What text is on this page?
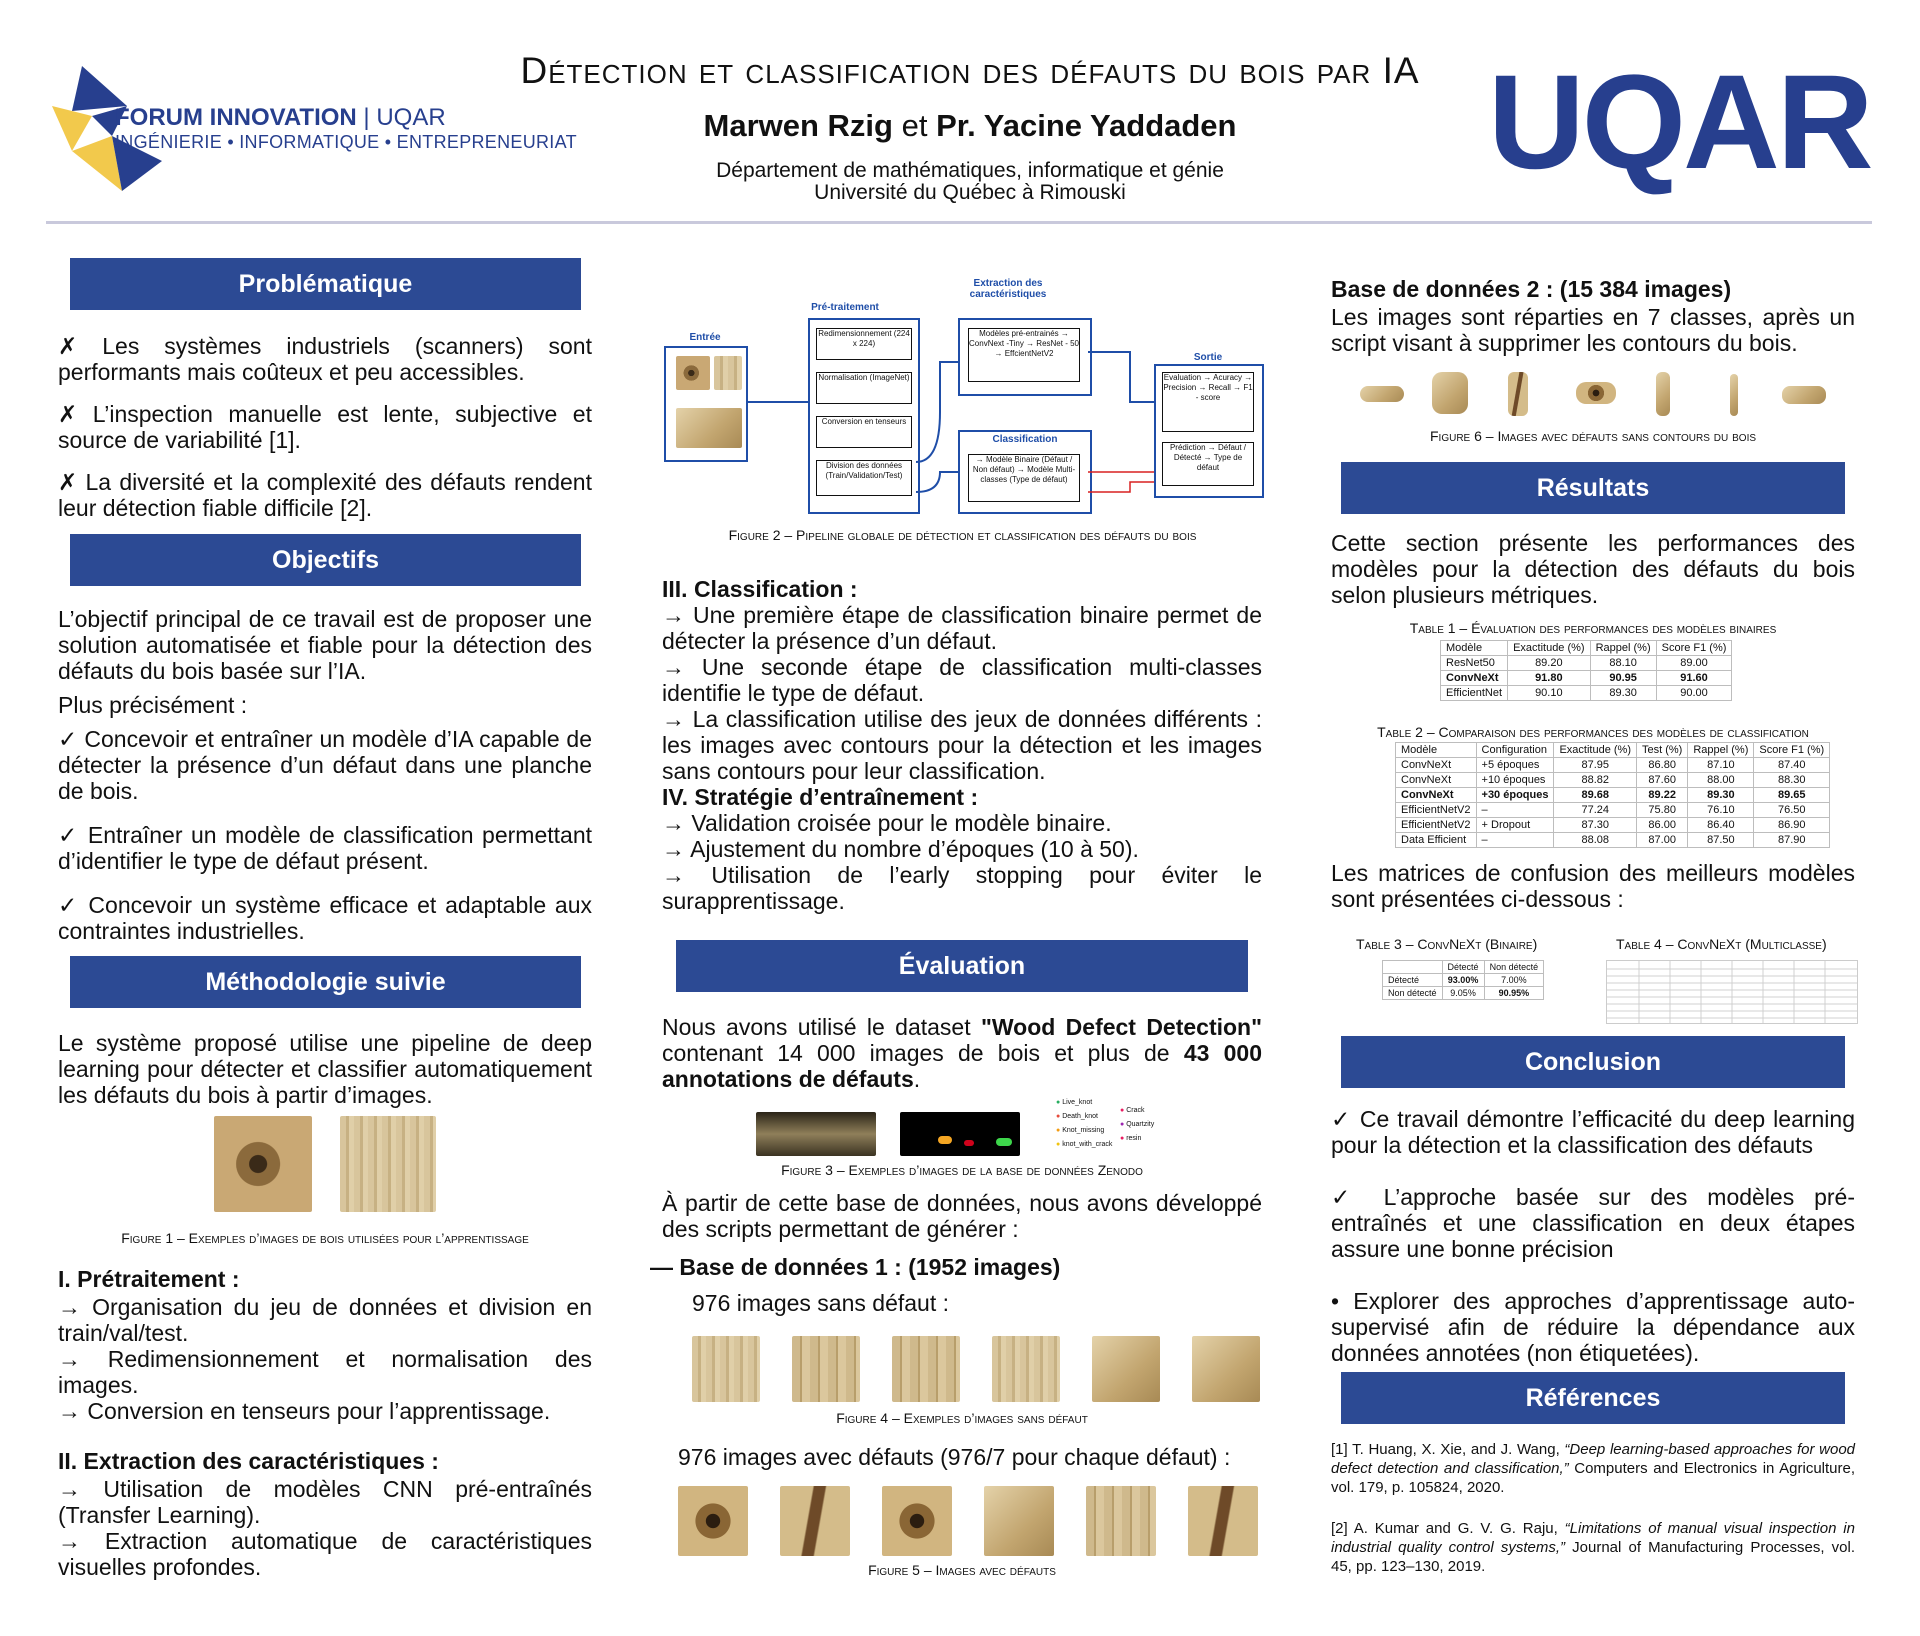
FORUM INNOVATION | UQAR
INGÉNIERIE • INFORMATIQUE • ENTREPRENEURIAT
Détection et classification des défauts du bois par IA
Marwen Rzig et Pr. Yacine Yaddaden
Département de mathématiques, informatique et génie
Université du Québec à Rimouski	UQAR
Problématique

✗ Les systèmes industriels (scanners) sont performants mais coûteux et peu accessibles.

✗ L’inspection manuelle est lente, subjective et source de variabilité [1].

✗ La diversité et la complexité des défauts rendent leur détection fiable difficile [2].

Objectifs

L’objectif principal de ce travail est de proposer une solution automatisée et fiable pour la détection des défauts du bois basée sur l’IA.

Plus précisément :

✓ Concevoir et entraîner un modèle d’IA capable de détecter la présence d’un défaut dans une planche de bois.

✓ Entraîner un modèle de classification permettant d’identifier le type de défaut présent.

✓ Concevoir un système efficace et adaptable aux contraintes industrielles.

Méthodologie suivie
Le système proposé utilise une pipeline de deep learning pour détecter et classifier automatiquement les défauts du bois à partir d’images.
Figure 1 – Exemples d’images de bois utilisées pour l’apprentissage
I. Prétraitement :

→ Organisation du jeu de données et division en train/val/test.

→ Redimensionnement et normalisation des images.

→ Conversion en tenseurs pour l’apprentissage.

II. Extraction des caractéristiques :

→ Utilisation de modèles CNN pré-entraînés (Transfer Learning).

→ Extraction automatique de caractéristiques visuelles profondes.

Entrée
Pré-traitement
Redimensionnement (224 x 224)
Normalisation (ImageNet)
Conversion en tenseurs
Division des données (Train/Validation/Test)
Extraction des caractéristiques
Modèles pré-entrainés → ConvNext -Tiny → ResNet - 50 → EffcientNetV2
Classification
→ Modèle Binaire (Défaut / Non défaut) → Modèle Multi-classes (Type de défaut)
Sortie
Evaluation → Acuracy → Precision → Recall → F1 - score
Prédiction → Défaut / Détecté → Type de défaut
Figure 2 – Pipeline globale de détection et classification des défauts du bois
III. Classification :

→ Une première étape de classification binaire permet de détecter la présence d’un défaut.

→ Une seconde étape de classification multi-classes identifie le type de défaut.

→ La classification utilise des jeux de données différents : les images avec contours pour la détection et les images sans contours pour leur classification.

IV. Stratégie d’entraînement :

→ Validation croisée pour le modèle binaire.

→ Ajustement du nombre d’époques (10 à 50).

→ Utilisation de l’early stopping pour éviter le surapprentissage.

Évaluation
Nous avons utilisé le dataset "Wood Defect Detection" contenant 14 000 images de bois et plus de 43 000 annotations de défauts.
● Live_knot
● Death_knot
● Knot_missing
● knot_with_crack
● Crack
● Quartzity
● resin
Figure 3 – Exemples d’images de la base de données Zenodo
À partir de cette base de données, nous avons développé des scripts permettant de générer :
— Base de données 1 : (1952 images)
976 images sans défaut :
Figure 4 – Exemples d’images sans défaut
976 images avec défauts (976/7 pour chaque défaut) :
Figure 5 – Images avec défauts
Base de données 2 : (15 384 images)
Les images sont réparties en 7 classes, après un script visant à supprimer les contours du bois.
Figure 6 – Images avec défauts sans contours du bois
Résultats
Cette section présente les performances des modèles pour la détection des défauts du bois selon plusieurs métriques.
Table 1 – Évaluation des performances des modèles binaires
Modèle	Exactitude (%)	Rappel (%)	Score F1 (%)
ResNet50	89.20	88.10	89.00
ConvNeXt	91.80	90.95	91.60
EfficientNet	90.10	89.30	90.00
Table 2 – Comparaison des performances des modèles de classification
Modèle	Configuration	Exactitude (%)	Test (%)	Rappel (%)	Score F1 (%)
ConvNeXt	+5 époques	87.95	86.80	87.10	87.40
ConvNeXt	+10 époques	88.82	87.60	88.00	88.30
ConvNeXt	+30 époques	89.68	89.22	89.30	89.65
EfficientNetV2	–	77.24	75.80	76.10	76.50
EfficientNetV2	+ Dropout	87.30	86.00	86.40	86.90
Data Efficient	–	88.08	87.00	87.50	87.90
Les matrices de confusion des meilleurs modèles sont présentées ci-dessous :
Table 3 – ConvNeXt (Binaire)
	Détecté	Non détecté
Détecté	93.00%	7.00%
Non détecté	9.05%	90.95%
Table 4 – ConvNeXt (Multiclasse)
Conclusion

✓ Ce travail démontre l’efficacité du deep learning pour la détection et la classification des défauts

✓ L’approche basée sur des modèles pré-entraînés et une classification en deux étapes assure une bonne précision

• Explorer des approches d’apprentissage auto-supervisé afin de réduire la dépendance aux données annotées (non étiquetées).

Références

[1] T. Huang, X. Xie, and J. Wang, “Deep learning-based approaches for wood defect detection and classification,” Computers and Electronics in Agriculture, vol. 179, p. 105824, 2020.

[2] A. Kumar and G. V. G. Raju, “Limitations of manual visual inspection in industrial quality control systems,” Journal of Manufacturing Processes, vol. 45, pp. 123–130, 2019.
